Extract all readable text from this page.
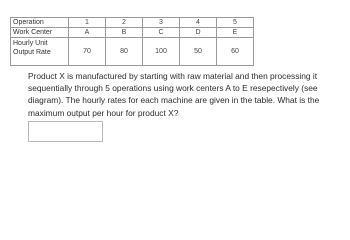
Operation	1	2	3	4	5
Work Center	A	B	C	D	E

Hourly Unit
Output Rate	70	80	100	50	60

Product X is manufactured by starting with raw material and then processing it sequentially through 5 operations using work centers A to E resepectively (see diagram). The hourly rates for each machine are given in the table. What is the maximum output per hour for product X?
